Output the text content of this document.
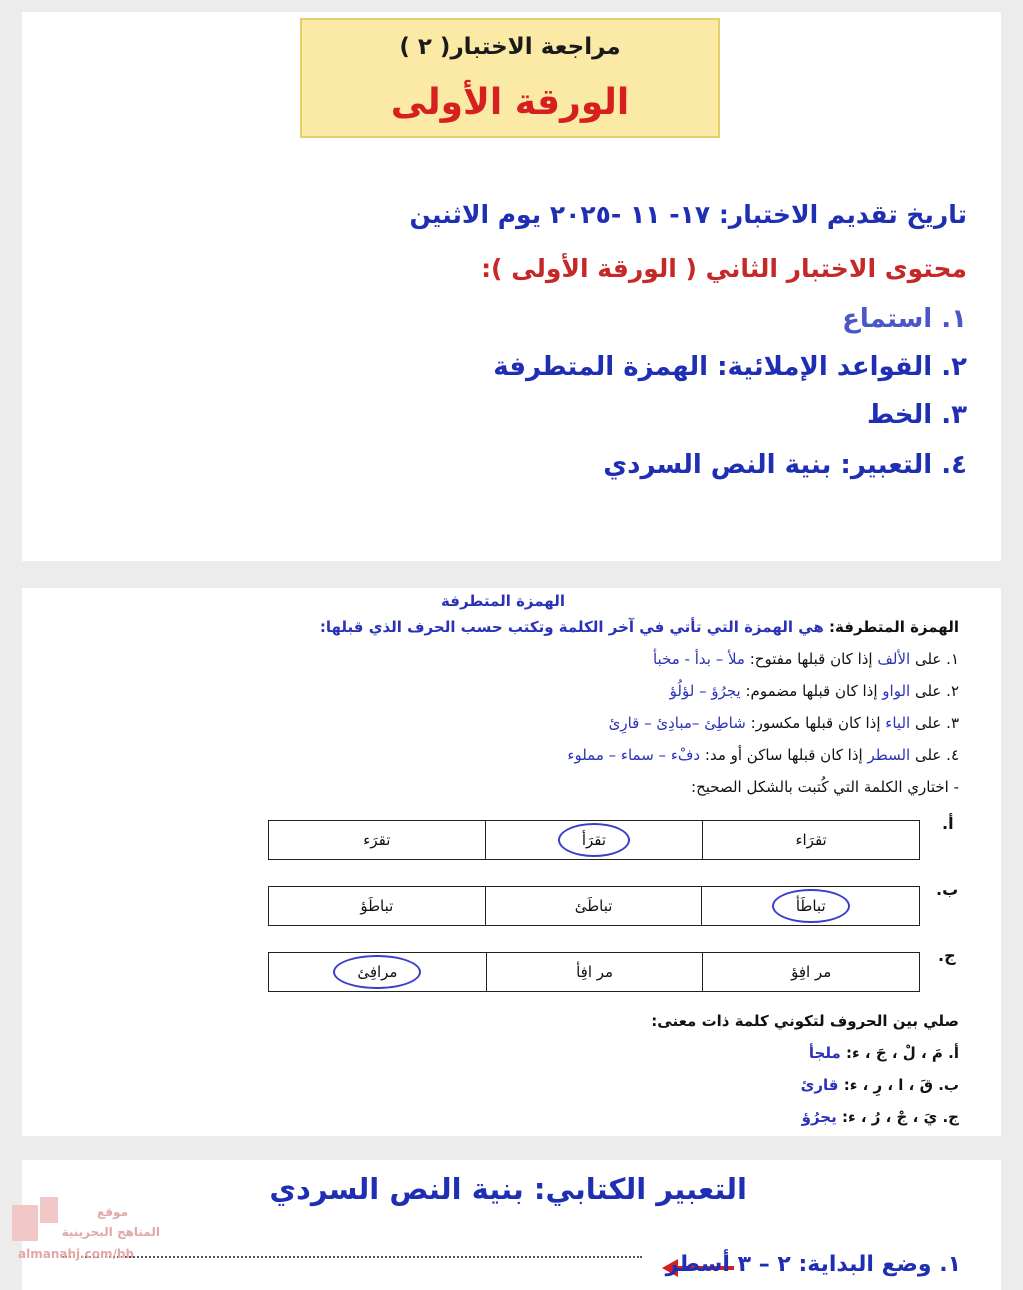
مراجعة الاختبار( ٢ )
الورقة الأولى
تاريخ تقديم الاختبار: ١٧- ١١ -٢٠٢٥ يوم الاثنين
محتوى الاختبار الثاني ( الورقة الأولى ):
١. استماع
٢. القواعد الإملائية: الهمزة المتطرفة
٣. الخط
٤. التعبير: بنية النص السردي
الهمزة المتطرفة
الهمزة المتطرفة: هي الهمزة التي تأتي في آخر الكلمة وتكتب حسب الحرف الذي قبلها:
١. على الألف إذا كان قبلها مفتوح: ملأ – بدأ - مخبأ
٢. على الواو إذا كان قبلها مضموم: يجرُؤ – لؤلُؤ
٣. على الياء إذا كان قبلها مكسور: شاطِئ –مبادِئ – قارِئ
٤. على السطر إذا كان قبلها ساكن أو مد: دفْء – سماء – مملوء
- اختاري الكلمة التي كُتبت بالشكل الصحيح:
أ.
تقرَء	تقرَأ	تقرَاء
ب.
تباطَؤ	تباطَئ	تباطَأ
ج.
مرافِئ	مر افِأ	مر افِؤ
صلي بين الحروف لتكوني كلمة ذات معنى:
أ. مَ ، لْ ، جَ ، ء: ملجأ
ب. قَ ، ا ، رِ ، ء: قارئ
ج. يَ ، جْ ، رُ ، ء: يجرُؤ
التعبير الكتابي: بنية النص السردي
١. وضع البداية: ٢ – ٣ أسطر
موقع
المناهج البحرينية
almanahj.com/bh
